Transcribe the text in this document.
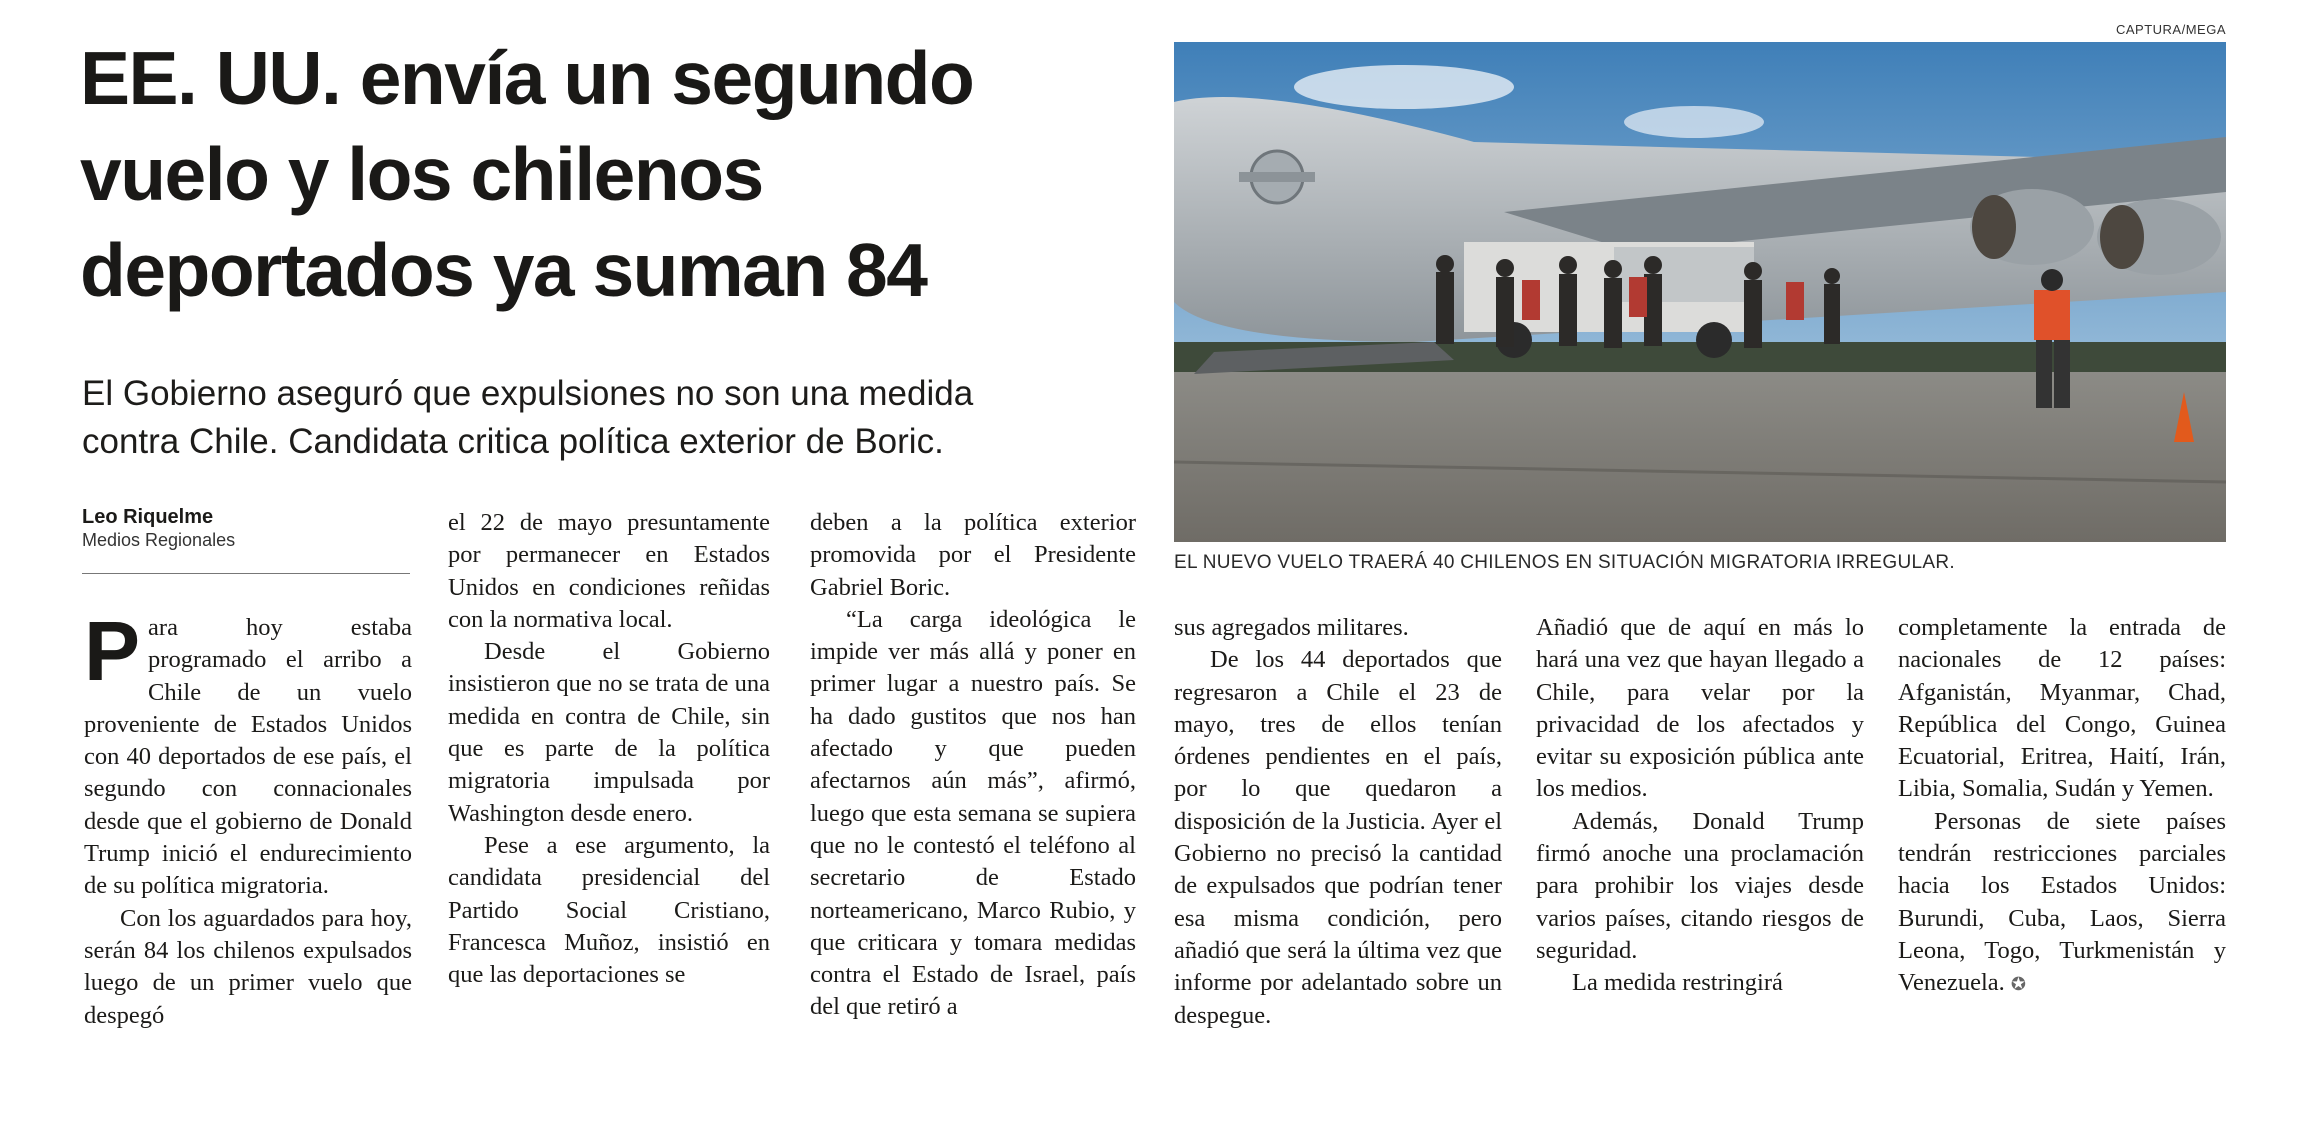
EE. UU. envía un segundo
vuelo y los chilenos
deportados ya suman 84

El Gobierno aseguró que expulsiones no son una medida
contra Chile. Candidata critica política exterior de Boric.

Leo Riquelme
Medios Regionales
CAPTURA/MEGA
EL NUEVO VUELO TRAERÁ 40 CHILENOS EN SITUACIÓN MIGRATORIA IRREGULAR.
P ara hoy estaba programado el arribo a Chile de un vuelo proveniente de Estados Unidos con 40 deportados de ese país, el segundo con connacionales desde que el gobierno de Donald Trump inició el endurecimiento de su política migratoria.

Con los aguardados para hoy, serán 84 los chilenos expulsados luego de un primer vuelo que despegó

el 22 de mayo presuntamente por permanecer en Estados Unidos en condiciones reñidas con la normativa local.

Desde el Gobierno insistieron que no se trata de una medida en contra de Chile, sin que es parte de la política migratoria impulsada por Washington desde enero.

Pese a ese argumento, la candidata presidencial del Partido Social Cristiano, Francesca Muñoz, insistió en que las deportaciones se

deben a la política exterior promovida por el Presidente Gabriel Boric.

“La carga ideológica le impide ver más allá y poner en primer lugar a nuestro país. Se ha dado gustitos que nos han afectado y que pueden afectarnos aún más”, afirmó, luego que esta semana se supiera que no le contestó el teléfono al secretario de Estado norteamericano, Marco Rubio, y que criticara y tomara medidas contra el Estado de Israel, país del que retiró a

sus agregados militares.

De los 44 deportados que regresaron a Chile el 23 de mayo, tres de ellos tenían órdenes pendientes en el país, por lo que quedaron a disposición de la Justicia. Ayer el Gobierno no precisó la cantidad de expulsados que podrían tener esa misma condición, pero añadió que será la última vez que informe por adelantado sobre un despegue.

Añadió que de aquí en más lo hará una vez que hayan llegado a Chile, para velar por la privacidad de los afectados y evitar su exposición pública ante los medios.

Además, Donald Trump firmó anoche una proclamación para prohibir los viajes desde varios países, citando riesgos de seguridad.

La medida restringirá

completamente la entrada de nacionales de 12 países: Afganistán, Myanmar, Chad, República del Congo, Guinea Ecuatorial, Eritrea, Haití, Irán, Libia, Somalia, Sudán y Yemen.

Personas de siete países tendrán restricciones parciales hacia los Estados Unidos: Burundi, Cuba, Laos, Sierra Leona, Togo, Turkmenistán y Venezuela. ✪
